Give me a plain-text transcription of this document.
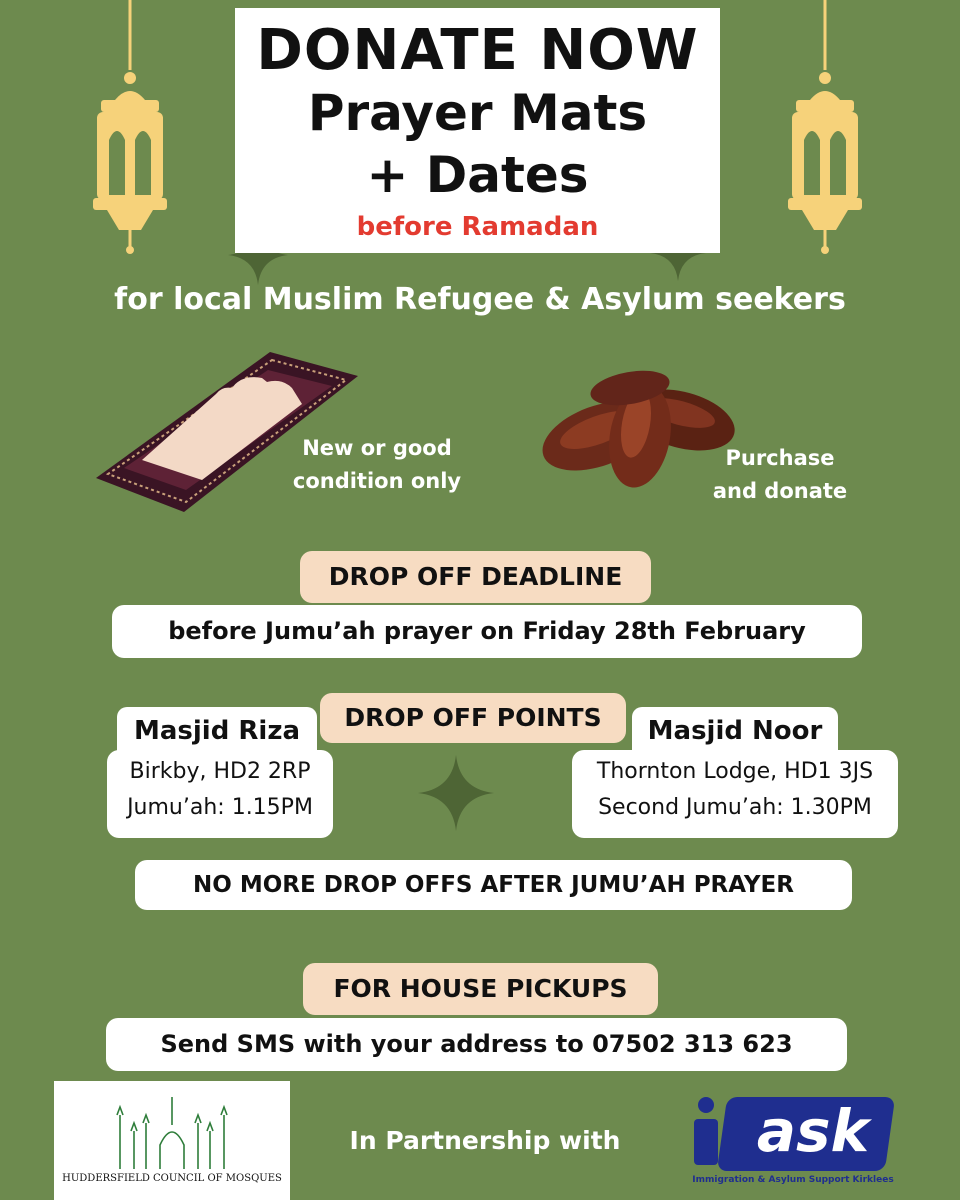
DONATE NOW
Prayer Mats
+ Dates
before Ramadan
for local Muslim Refugee & Asylum seekers
New or good
condition only
Purchase
and donate
DROP OFF DEADLINE
before Jumu’ah prayer on Friday 28th February
DROP OFF POINTS
Birkby, HD2 2RP
Jumu’ah: 1.15PM
Masjid Riza
Thornton Lodge, HD1 3JS
Second Jumu’ah: 1.30PM
Masjid Noor
NO MORE DROP OFFS AFTER JUMU’AH PRAYER
FOR HOUSE PICKUPS
Send SMS with your address to 07502 313 623
HUDDERSFIELD COUNCIL OF MOSQUES
In Partnership with	ask
Immigration & Asylum Support Kirklees
